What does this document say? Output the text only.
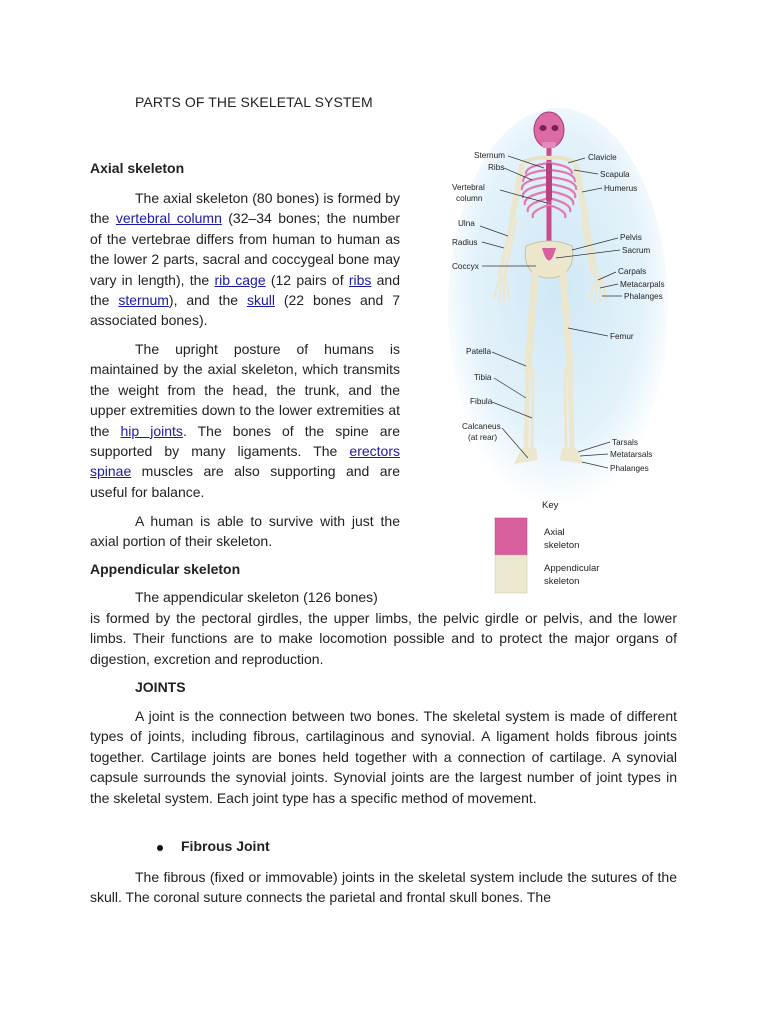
PARTS OF THE SKELETAL SYSTEM
Axial skeleton

The axial skeleton (80 bones) is formed by the vertebral column (32–34 bones; the number of the vertebrae differs from human to human as the lower 2 parts, sacral and coccygeal bone may vary in length), the rib cage (12 pairs of ribs and the sternum), and the skull (22 bones and 7 associated bones).

The upright posture of humans is maintained by the axial skeleton, which transmits the weight from the head, the trunk, and the upper extremities down to the lower extremities at the hip joints. The bones of the spine are supported by many ligaments. The erectors spinae muscles are also supporting and are useful for balance.

A human is able to survive with just the axial portion of their skeleton.

Appendicular skeleton
The appendicular skeleton (126 bones)

is formed by the pectoral girdles, the upper limbs, the pelvic girdle or pelvis, and the lower limbs. Their functions are to make locomotion possible and to protect the major organs of digestion, excretion and reproduction.

JOINTS

A joint is the connection between two bones. The skeletal system is made of different types of joints, including fibrous, cartilaginous and synovial. A ligament holds fibrous joints together. Cartilage joints are bones held together with a connection of cartilage. A synovial capsule surrounds the synovial joints. Synovial joints are the largest number of joint types in the skeletal system. Each joint type has a specific method of movement.

Fibrous Joint

The fibrous (fixed or immovable) joints in the skeletal system include the sutures of the skull. The coronal suture connects the parietal and frontal skull bones. The

Sternum
Ribs
Vertebral
column
Ulna
Radius
Coccyx
Patella
Tibia
Fibula
Calcaneus
(at rear)
Clavicle
Scapula
Humerus
Pelvis
Sacrum
Carpals
Metacarpals
Phalanges
Femur
Tarsals
Metatarsals
Phalanges
Key
Axial
skeleton
Appendicular
skeleton
